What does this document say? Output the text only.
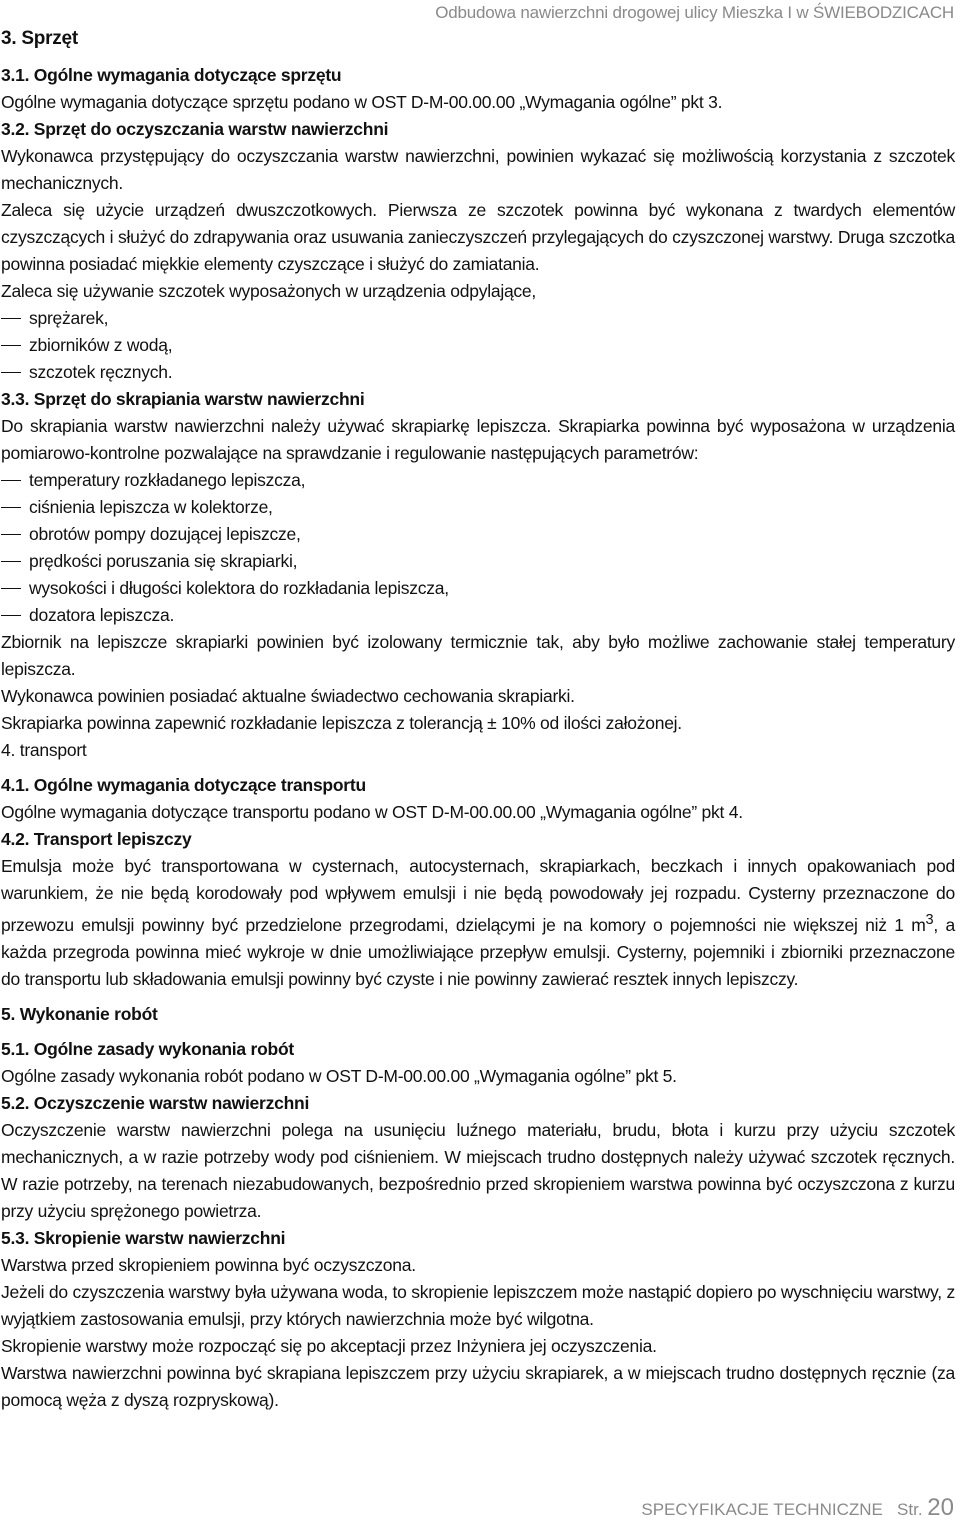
Odbudowa nawierzchni drogowej ulicy Mieszka I w ŚWIEBODZICACH
3. Sprzęt
3.1. Ogólne wymagania dotyczące sprzętu

Ogólne wymagania dotyczące sprzętu podano w OST D-M-00.00.00 „Wymagania ogólne” pkt 3.

3.2. Sprzęt do oczyszczania warstw nawierzchni

Wykonawca przystępujący do oczyszczania warstw nawierzchni, powinien wykazać się możliwością korzystania z szczotek mechanicznych.

Zaleca się użycie urządzeń dwuszczotkowych. Pierwsza ze szczotek powinna być wykonana z twardych elementów czyszczących i służyć do zdrapywania oraz usuwania zanieczyszczeń przylegających do czyszczonej warstwy. Druga szczotka powinna posiadać miękkie elementy czyszczące i służyć do zamiatania.

Zaleca się używanie szczotek wyposażonych w urządzenia odpylające,

sprężarek,
zbiorników z wodą,
szczotek ręcznych.
3.3. Sprzęt do skrapiania warstw nawierzchni

Do skrapiania warstw nawierzchni należy używać skrapiarkę lepiszcza. Skrapiarka powinna być wyposażona w urządzenia pomiarowo-kontrolne pozwalające na sprawdzanie i regulowanie następujących parametrów:

temperatury rozkładanego lepiszcza,
ciśnienia lepiszcza w kolektorze,
obrotów pompy dozującej lepiszcze,
prędkości poruszania się skrapiarki,
wysokości i długości kolektora do rozkładania lepiszcza,
dozatora lepiszcza.

Zbiornik na lepiszcze skrapiarki powinien być izolowany termicznie tak, aby było możliwe zachowanie stałej temperatury lepiszcza.

Wykonawca powinien posiadać aktualne świadectwo cechowania skrapiarki.

Skrapiarka powinna zapewnić rozkładanie lepiszcza z tolerancją ± 10% od ilości założonej.

4. transport
4.1. Ogólne wymagania dotyczące transportu

Ogólne wymagania dotyczące transportu podano w OST D-M-00.00.00 „Wymagania ogólne” pkt 4.

4.2. Transport lepiszczy

Emulsja może być transportowana w cysternach, autocysternach, skrapiarkach, beczkach i innych opakowaniach pod warunkiem, że nie będą korodowały pod wpływem emulsji i nie będą powodowały jej rozpadu. Cysterny przeznaczone do przewozu emulsji powinny być przedzielone przegrodami, dzielącymi je na komory o pojemności nie większej niż 1 $m^3$, a każda przegroda powinna mieć wykroje w dnie umożliwiające przepływ emulsji. Cysterny, pojemniki i zbiorniki przeznaczone do transportu lub składowania emulsji powinny być czyste i nie powinny zawierać resztek innych lepiszczy.

5. Wykonanie robót
5.1. Ogólne zasady wykonania robót

Ogólne zasady wykonania robót podano w OST D-M-00.00.00 „Wymagania ogólne” pkt 5.

5.2. Oczyszczenie warstw nawierzchni

Oczyszczenie warstw nawierzchni polega na usunięciu luźnego materiału, brudu, błota i kurzu przy użyciu szczotek mechanicznych, a w razie potrzeby wody pod ciśnieniem. W miejscach trudno dostępnych należy używać szczotek ręcznych. W razie potrzeby, na terenach niezabudowanych, bezpośrednio przed skropieniem warstwa powinna być oczyszczona z kurzu przy użyciu sprężonego powietrza.

5.3. Skropienie warstw nawierzchni

Warstwa przed skropieniem powinna być oczyszczona.

Jeżeli do czyszczenia warstwy była używana woda, to skropienie lepiszczem może nastąpić dopiero po wyschnięciu warstwy, z wyjątkiem zastosowania emulsji, przy których nawierzchnia może być wilgotna.

Skropienie warstwy może rozpocząć się po akceptacji przez Inżyniera jej oczyszczenia.

Warstwa nawierzchni powinna być skrapiana lepiszczem przy użyciu skrapiarek, a w miejscach trudno dostępnych ręcznie (za pomocą węża z dyszą rozpryskową).

SPECYFIKACJE TECHNICZNE Str. 20
